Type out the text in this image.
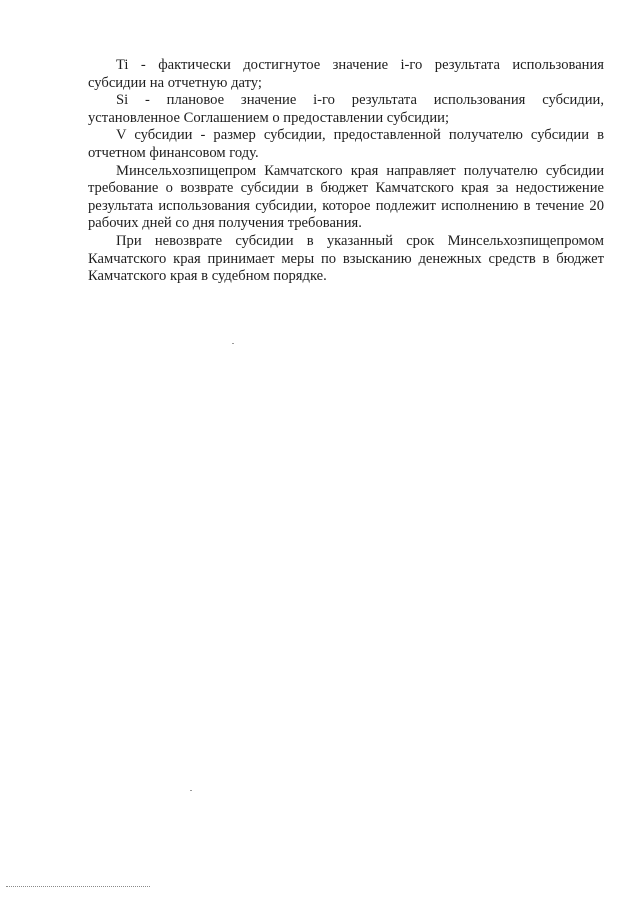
Ti - фактически достигнутое значение i-го результата использования субсидии на отчетную дату;

Si - плановое значение i-го результата использования субсидии, установленное Соглашением о предоставлении субсидии;

V субсидии - размер субсидии, предоставленной получателю субсидии в отчетном финансовом году.

Минсельхозпищепром Камчатского края направляет получателю субсидии требование о возврате субсидии в бюджет Камчатского края за недостижение результата использования субсидии, которое подлежит исполнению в течение 20 рабочих дней со дня получения требования.

При невозврате субсидии в указанный срок Минсельхозпищепромом Камчатского края принимает меры по взысканию денежных средств в бюджет Камчатского края в судебном порядке.
